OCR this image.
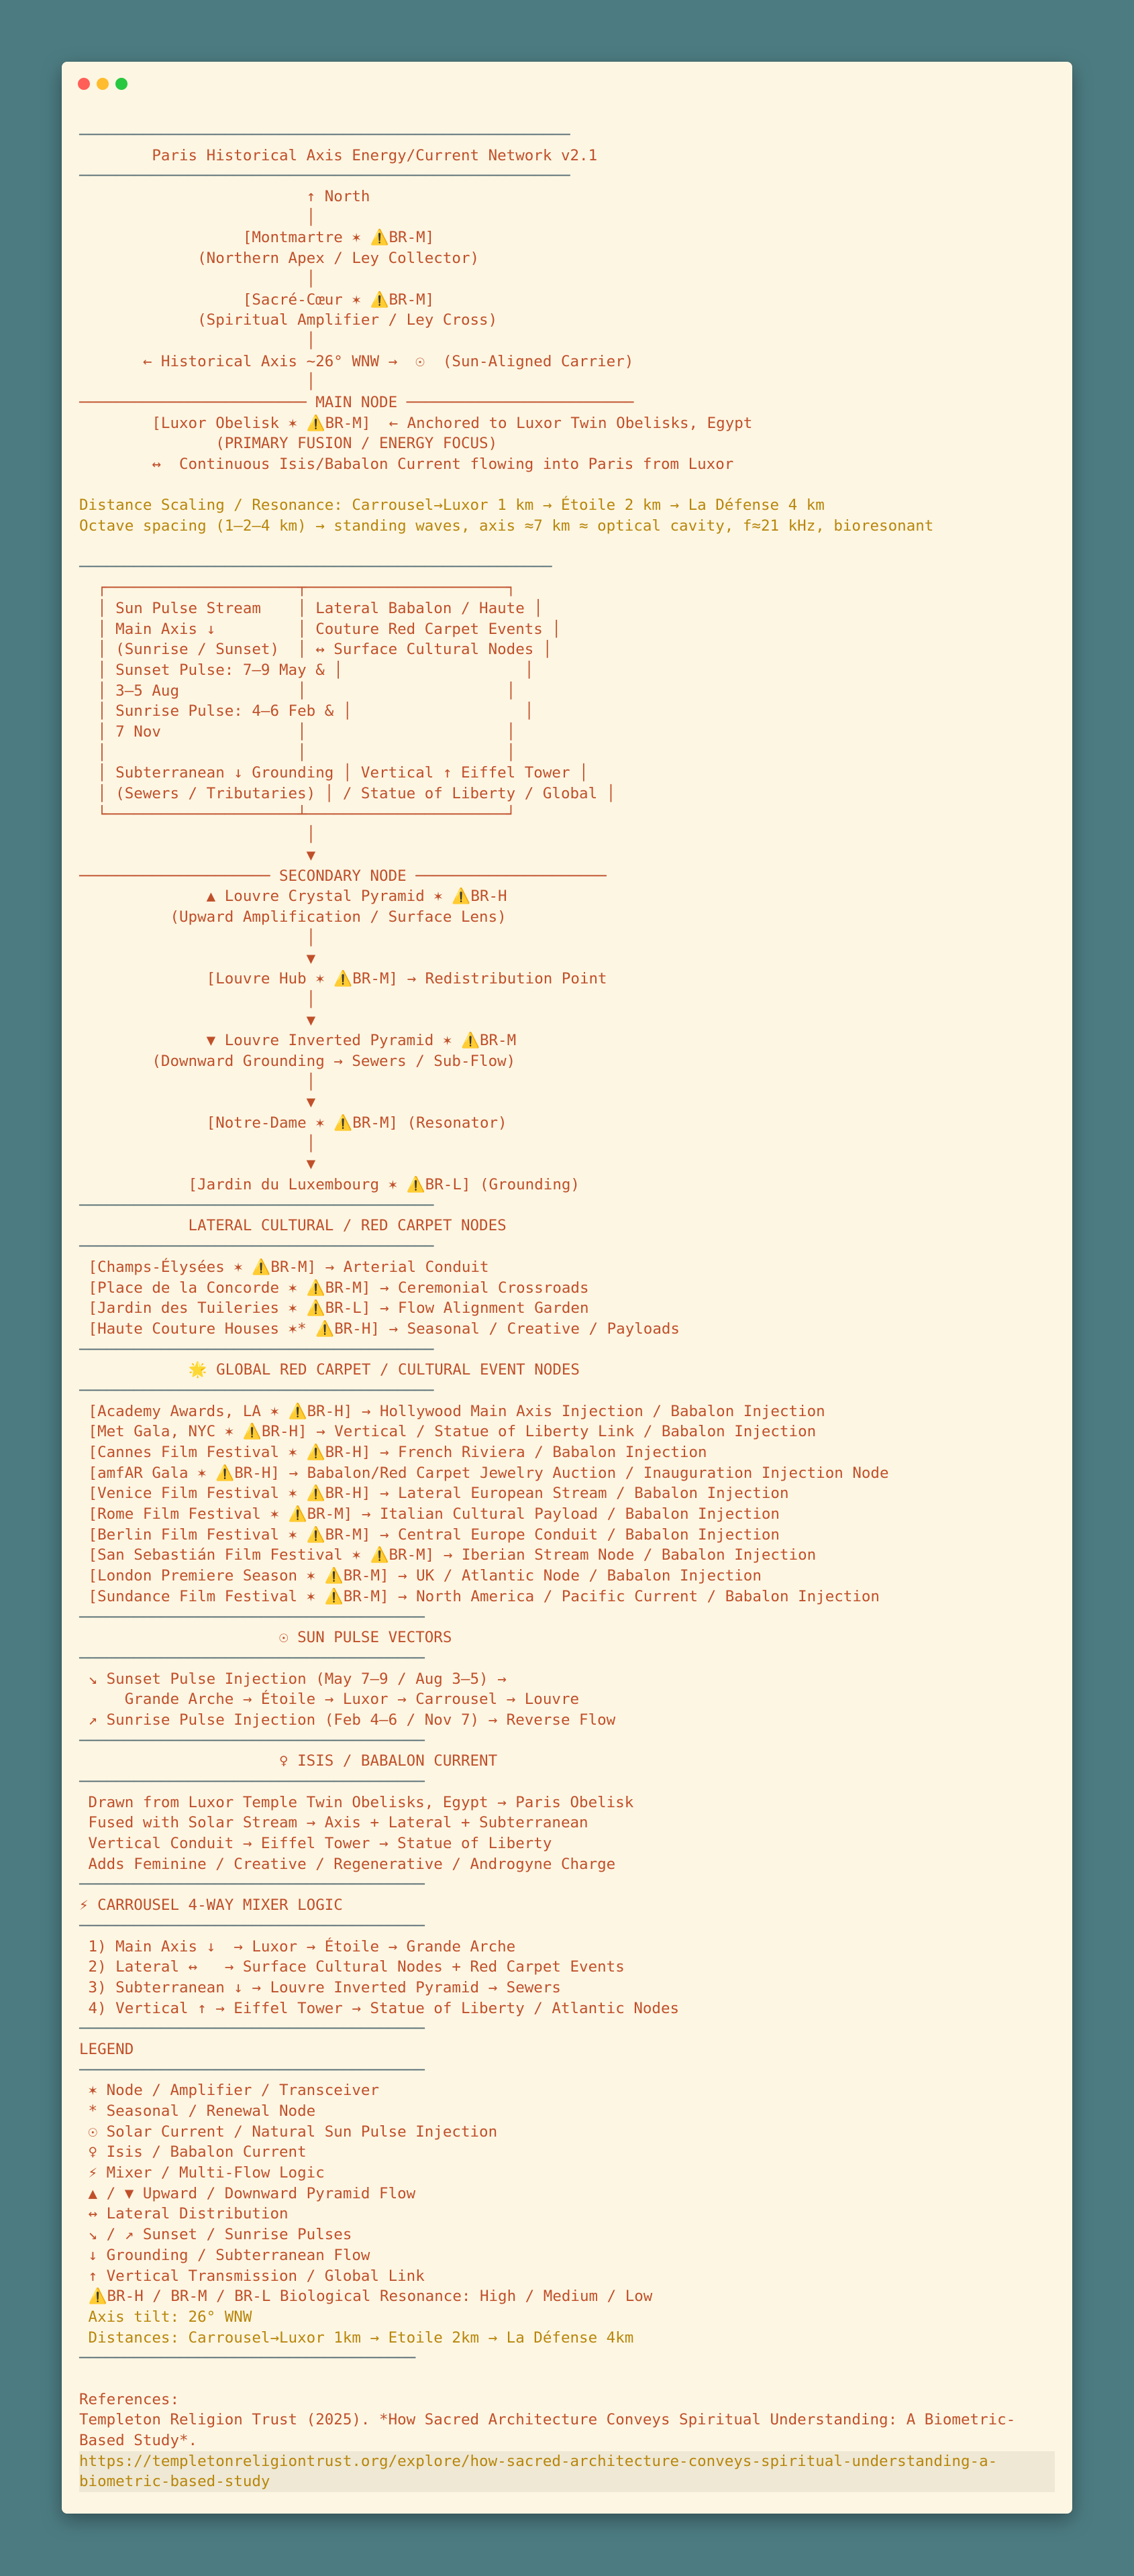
──────────────────────────────────────────────────────
Paris Historical Axis Energy/Current Network v2.1
──────────────────────────────────────────────────────
↑ North
│
[Montmartre ✶ ⚠️BR-M]
(Northern Apex / Ley Collector)
│
[Sacré-Cœur ✶ ⚠️BR-M]
(Spiritual Amplifier / Ley Cross)
│
← Historical Axis ~26° WNW →  ☉  (Sun-Aligned Carrier)
│
───────────────────────── MAIN NODE ─────────────────────────
[Luxor Obelisk ✶ ⚠️BR-M]  ← Anchored to Luxor Twin Obelisks, Egypt
(PRIMARY FUSION / ENERGY FOCUS)
↔  Continuous Isis/Babalon Current flowing into Paris from Luxor
Distance Scaling / Resonance: Carrousel→Luxor 1 km → Étoile 2 km → La Défense 4 km
Octave spacing (1–2–4 km) → standing waves, axis ≈7 km ≈ optical cavity, f≈21 kHz, bioresonant
────────────────────────────────────────────────────
┌─────────────────────┬──────────────────────┐
│ Sun Pulse Stream    │ Lateral Babalon / Haute │
│ Main Axis ↓         │ Couture Red Carpet Events │
│ (Sunrise / Sunset)  │ ↔ Surface Cultural Nodes │
│ Sunset Pulse: 7–9 May & │                    │
│ 3–5 Aug             │                      │
│ Sunrise Pulse: 4–6 Feb & │                   │
│ 7 Nov               │                      │
│                     │                      │
│ Subterranean ↓ Grounding │ Vertical ↑ Eiffel Tower │
│ (Sewers / Tributaries) │ / Statue of Liberty / Global │
└─────────────────────┴──────────────────────┘
│
▼
───────────────────── SECONDARY NODE ─────────────────────
▲ Louvre Crystal Pyramid ✶ ⚠️BR-H
(Upward Amplification / Surface Lens)
│
▼
[Louvre Hub ✶ ⚠️BR-M] → Redistribution Point
│
▼
▼ Louvre Inverted Pyramid ✶ ⚠️BR-M
(Downward Grounding → Sewers / Sub-Flow)
│
▼
[Notre-Dame ✶ ⚠️BR-M] (Resonator)
│
▼
[Jardin du Luxembourg ✶ ⚠️BR-L] (Grounding)
───────────────────────────────────────
LATERAL CULTURAL / RED CARPET NODES
───────────────────────────────────────
[Champs-Élysées ✶ ⚠️BR-M] → Arterial Conduit
[Place de la Concorde ✶ ⚠️BR-M] → Ceremonial Crossroads
[Jardin des Tuileries ✶ ⚠️BR-L] → Flow Alignment Garden
[Haute Couture Houses ✶* ⚠️BR-H] → Seasonal / Creative / Payloads
───────────────────────────────────────
🌟 GLOBAL RED CARPET / CULTURAL EVENT NODES
───────────────────────────────────────
[Academy Awards, LA ✶ ⚠️BR-H] → Hollywood Main Axis Injection / Babalon Injection
[Met Gala, NYC ✶ ⚠️BR-H] → Vertical / Statue of Liberty Link / Babalon Injection
[Cannes Film Festival ✶ ⚠️BR-H] → French Riviera / Babalon Injection
[amfAR Gala ✶ ⚠️BR-H] → Babalon/Red Carpet Jewelry Auction / Inauguration Injection Node
[Venice Film Festival ✶ ⚠️BR-H] → Lateral European Stream / Babalon Injection
[Rome Film Festival ✶ ⚠️BR-M] → Italian Cultural Payload / Babalon Injection
[Berlin Film Festival ✶ ⚠️BR-M] → Central Europe Conduit / Babalon Injection
[San Sebastián Film Festival ✶ ⚠️BR-M] → Iberian Stream Node / Babalon Injection
[London Premiere Season ✶ ⚠️BR-M] → UK / Atlantic Node / Babalon Injection
[Sundance Film Festival ✶ ⚠️BR-M] → North America / Pacific Current / Babalon Injection
──────────────────────────────────────
☉ SUN PULSE VECTORS
──────────────────────────────────────
↘ Sunset Pulse Injection (May 7–9 / Aug 3–5) →
Grande Arche → Étoile → Luxor → Carrousel → Louvre
↗ Sunrise Pulse Injection (Feb 4–6 / Nov 7) → Reverse Flow
──────────────────────────────────────
♀ ISIS / BABALON CURRENT
──────────────────────────────────────
Drawn from Luxor Temple Twin Obelisks, Egypt → Paris Obelisk
Fused with Solar Stream → Axis + Lateral + Subterranean
Vertical Conduit → Eiffel Tower → Statue of Liberty
Adds Feminine / Creative / Regenerative / Androgyne Charge
──────────────────────────────────────
⚡ CARROUSEL 4-WAY MIXER LOGIC
──────────────────────────────────────
1) Main Axis ↓  → Luxor → Étoile → Grande Arche
2) Lateral ↔   → Surface Cultural Nodes + Red Carpet Events
3) Subterranean ↓ → Louvre Inverted Pyramid → Sewers
4) Vertical ↑ → Eiffel Tower → Statue of Liberty / Atlantic Nodes
──────────────────────────────────────
LEGEND
──────────────────────────────────────
✶ Node / Amplifier / Transceiver
* Seasonal / Renewal Node
☉ Solar Current / Natural Sun Pulse Injection
♀ Isis / Babalon Current
⚡ Mixer / Multi-Flow Logic
▲ / ▼ Upward / Downward Pyramid Flow
↔ Lateral Distribution
↘ / ↗ Sunset / Sunrise Pulses
↓ Grounding / Subterranean Flow
↑ Vertical Transmission / Global Link
⚠️BR-H / BR-M / BR-L Biological Resonance: High / Medium / Low
Axis tilt: 26° WNW
Distances: Carrousel→Luxor 1km → Etoile 2km → La Défense 4km
─────────────────────────────────────
References:
Templeton Religion Trust (2025). *How Sacred Architecture Conveys Spiritual Understanding: A Biometric-
Based Study*.
https://templetonreligiontrust.org/explore/how-sacred-architecture-conveys-spiritual-understanding-a-
biometric-based-study
